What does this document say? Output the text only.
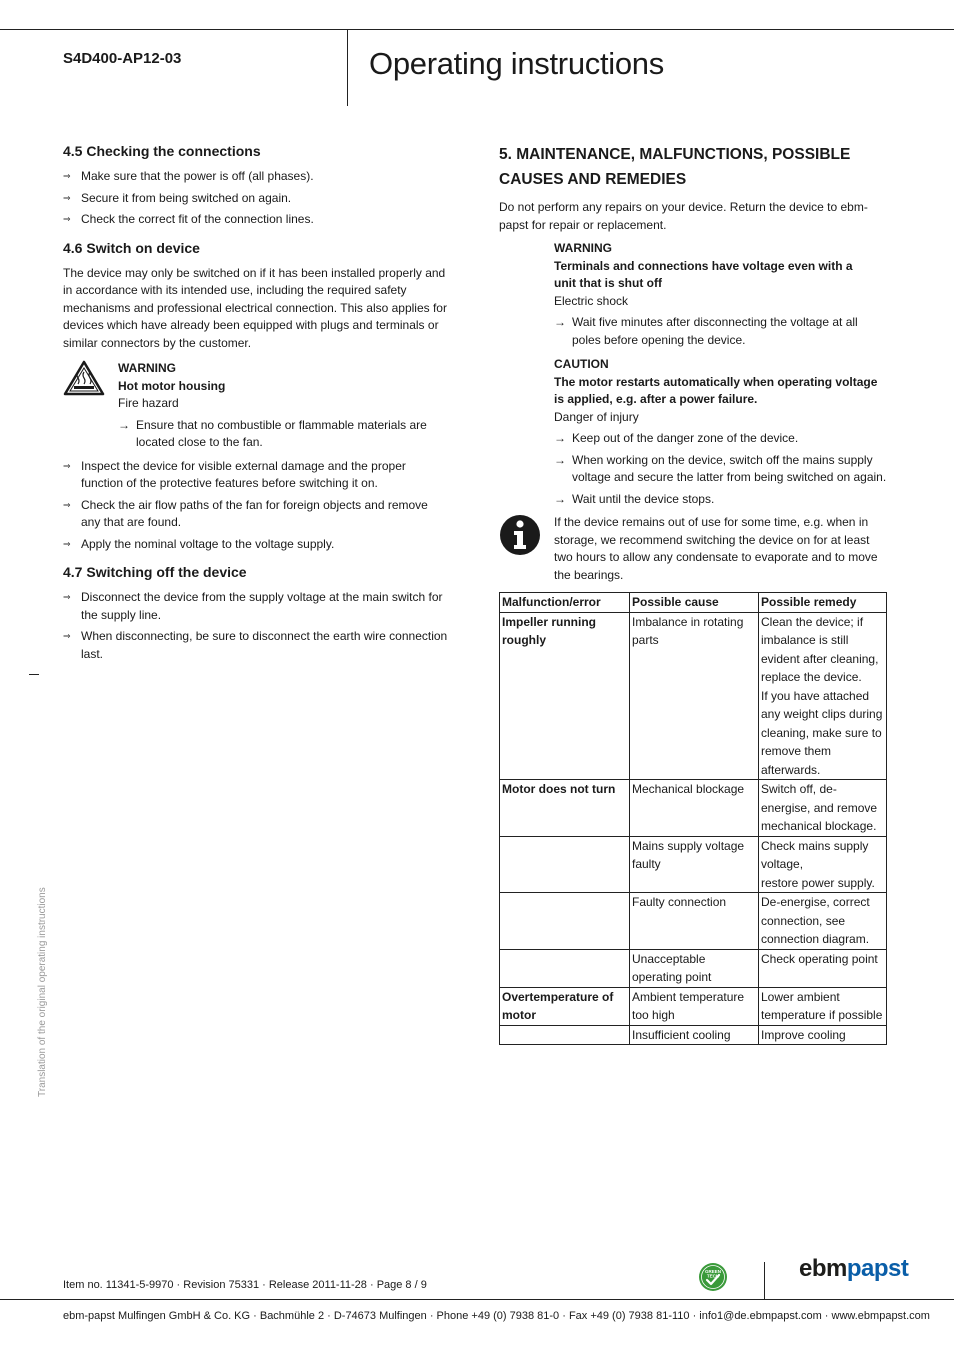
S4D400-AP12-03	Operating instructions
4.5 Checking the connections
⇒ Make sure that the power is off (all phases).
⇒ Secure it from being switched on again.
⇒ Check the correct fit of the connection lines.
4.6 Switch on device

The device may only be switched on if it has been installed properly and in accordance with its intended use, including the required safety mechanisms and professional electrical connection. This also applies for devices which have already been equipped with plugs and terminals or similar connectors by the customer.

WARNING
Hot motor housing
Fire hazard
→ Ensure that no combustible or flammable materials are located close to the fan.
⇒ Inspect the device for visible external damage and the proper function of the protective features before switching it on.
⇒ Check the air flow paths of the fan for foreign objects and remove any that are found.
⇒ Apply the nominal voltage to the voltage supply.
4.7 Switching off the device
⇒ Disconnect the device from the supply voltage at the main switch for the supply line.
⇒ When disconnecting, be sure to disconnect the earth wire connection last.
5. MAINTENANCE, MALFUNCTIONS, POSSIBLE
CAUSES AND REMEDIES

Do not perform any repairs on your device. Return the device to ebm-papst for repair or replacement.

WARNING
Terminals and connections have voltage even with a unit that is shut off
Electric shock
→ Wait five minutes after disconnecting the voltage at all poles before opening the device.
CAUTION
The motor restarts automatically when operating voltage is applied, e.g. after a power failure.
Danger of injury
→ Keep out of the danger zone of the device.
→ When working on the device, switch off the mains supply voltage and secure the latter from being switched on again.
→ Wait until the device stops.
If the device remains out of use for some time, e.g. when in storage, we recommend switching the device on for at least two hours to allow any condensate to evaporate and to move the bearings.
Malfunction/error	Possible cause	Possible remedy
Impeller running roughly	Imbalance in rotating parts	Clean the device; if imbalance is still evident after cleaning, replace the device.
If you have attached any weight clips during cleaning, make sure to remove them afterwards.
Motor does not turn	Mechanical blockage	Switch off, de-energise, and remove mechanical blockage.
	Mains supply voltage faulty	Check mains supply voltage,
restore power supply.
	Faulty connection	De-energise, correct connection, see connection diagram.
	Unacceptable operating point	Check operating point
Overtemperature of motor	Ambient temperature too high	Lower ambient temperature if possible
	Insufficient cooling	Improve cooling
Translation of the original operating instructions
Item no. 11341-5-9970 · Revision 75331 · Release 2011-11-28 · Page 8 / 9
GREEN
TECH	ebmpapst
ebm-papst Mulfingen GmbH & Co. KG · Bachmühle 2 · D-74673 Mulfingen · Phone +49 (0) 7938 81-0 · Fax +49 (0) 7938 81-110 · info1@de.ebmpapst.com · www.ebmpapst.com
